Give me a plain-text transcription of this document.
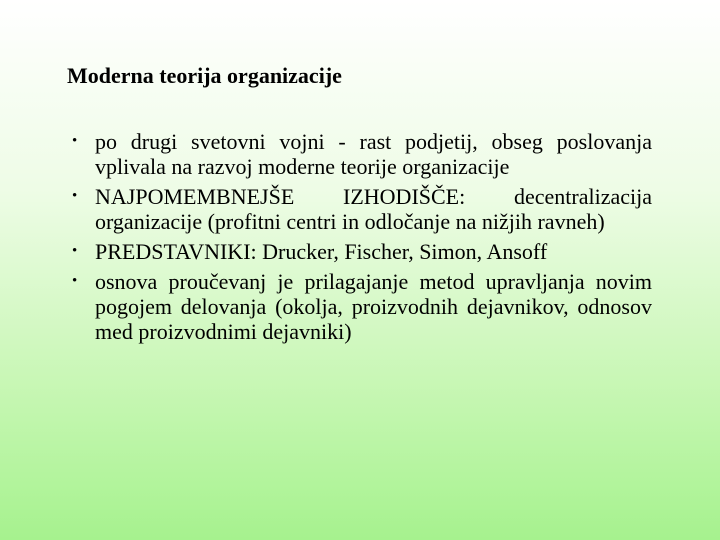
Moderna teorija organizacije
• po drugi svetovni vojni - rast podjetij, obseg poslovanja vplivala na razvoj moderne teorije organizacije
• NAJPOMEMBNEJŠE IZHODIŠČE: decentralizacija organizacije (profitni centri in odločanje na nižjih ravneh)
• PREDSTAVNIKI: Drucker, Fischer, Simon, Ansoff
• osnova proučevanj je prilagajanje metod upravljanja novim pogojem delovanja (okolja, proizvodnih dejavnikov, odnosov med proizvodnimi dejavniki)
